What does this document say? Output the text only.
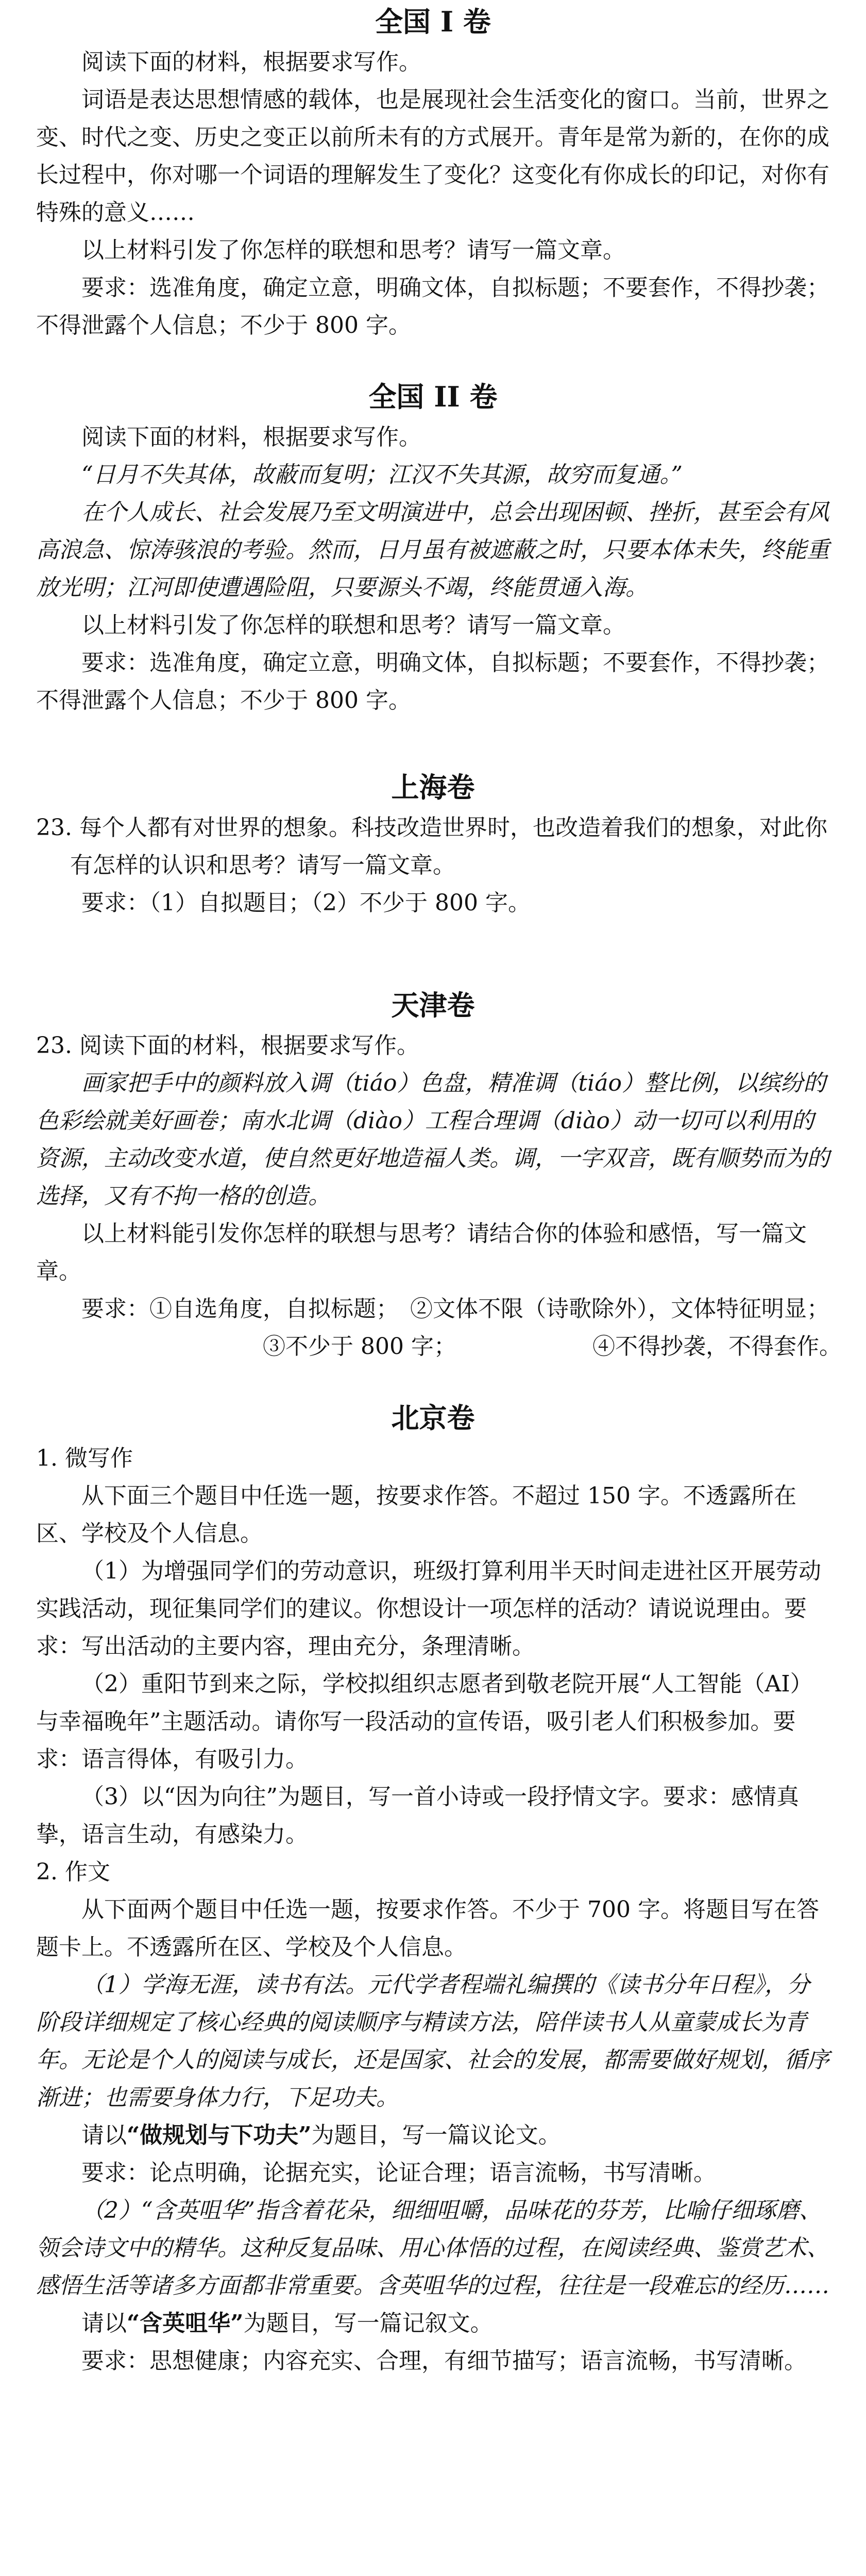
全国 I 卷

阅读下面的材料，根据要求写作。

词语是表达思想情感的载体，也是展现社会生活变化的窗口。当前，世界之变、时代之变、历史之变正以前所未有的方式展开。青年是常为新的，在你的成长过程中，你对哪一个词语的理解发生了变化？这变化有你成长的印记，对你有特殊的意义……

以上材料引发了你怎样的联想和思考？请写一篇文章。

要求：选准角度，确定立意，明确文体，自拟标题；不要套作，不得抄袭；不得泄露个人信息；不少于 800 字。

全国 II 卷

阅读下面的材料，根据要求写作。

“日月不失其体，故蔽而复明；江汉不失其源，故穷而复通。”

在个人成长、社会发展乃至文明演进中，总会出现困顿、挫折，甚至会有风高浪急、惊涛骇浪的考验。然而，日月虽有被遮蔽之时，只要本体未失，终能重放光明；江河即使遭遇险阻，只要源头不竭，终能贯通入海。

以上材料引发了你怎样的联想和思考？请写一篇文章。

要求：选准角度，确定立意，明确文体，自拟标题；不要套作，不得抄袭；不得泄露个人信息；不少于 800 字。

上海卷

23. 每个人都有对世界的想象。科技改造世界时，也改造着我们的想象，对此你有怎样的认识和思考？请写一篇文章。

要求：（1）自拟题目；（2）不少于 800 字。

天津卷

23. 阅读下面的材料，根据要求写作。

画家把手中的颜料放入调（tiáo）色盘，精准调（tiáo）整比例，以缤纷的色彩绘就美好画卷；南水北调（diào）工程合理调（diào）动一切可以利用的资源，主动改变水道，使自然更好地造福人类。调，一字双音，既有顺势而为的选择，又有不拘一格的创造。

以上材料能引发你怎样的联想与思考？请结合你的体验和感悟，写一篇文章。

要求：①自选角度，自拟标题；　②文体不限（诗歌除外），文体特征明显；

③不少于 800 字；	④不得抄袭，不得套作。
北京卷

1. 微写作

从下面三个题目中任选一题，按要求作答。不超过 150 字。不透露所在区、学校及个人信息。

（1）为增强同学们的劳动意识，班级打算利用半天时间走进社区开展劳动实践活动，现征集同学们的建议。你想设计一项怎样的活动？请说说理由。要求：写出活动的主要内容，理由充分，条理清晰。

（2）重阳节到来之际，学校拟组织志愿者到敬老院开展“人工智能（AI）与幸福晚年”主题活动。请你写一段活动的宣传语，吸引老人们积极参加。要求：语言得体，有吸引力。

（3）以“因为向往”为题目，写一首小诗或一段抒情文字。要求：感情真挚，语言生动，有感染力。

2. 作文

从下面两个题目中任选一题，按要求作答。不少于 700 字。将题目写在答题卡上。不透露所在区、学校及个人信息。

（1）学海无涯，读书有法。元代学者程端礼编撰的《读书分年日程》，分阶段详细规定了核心经典的阅读顺序与精读方法，陪伴读书人从童蒙成长为青年。无论是个人的阅读与成长，还是国家、社会的发展，都需要做好规划，循序渐进；也需要身体力行，下足功夫。

请以“做规划与下功夫”为题目，写一篇议论文。

要求：论点明确，论据充实，论证合理；语言流畅，书写清晰。

（2）“含英咀华”指含着花朵，细细咀嚼，品味花的芬芳，比喻仔细琢磨、领会诗文中的精华。这种反复品味、用心体悟的过程，在阅读经典、鉴赏艺术、感悟生活等诸多方面都非常重要。含英咀华的过程，往往是一段难忘的经历……

请以“含英咀华”为题目，写一篇记叙文。

要求：思想健康；内容充实、合理，有细节描写；语言流畅，书写清晰。
